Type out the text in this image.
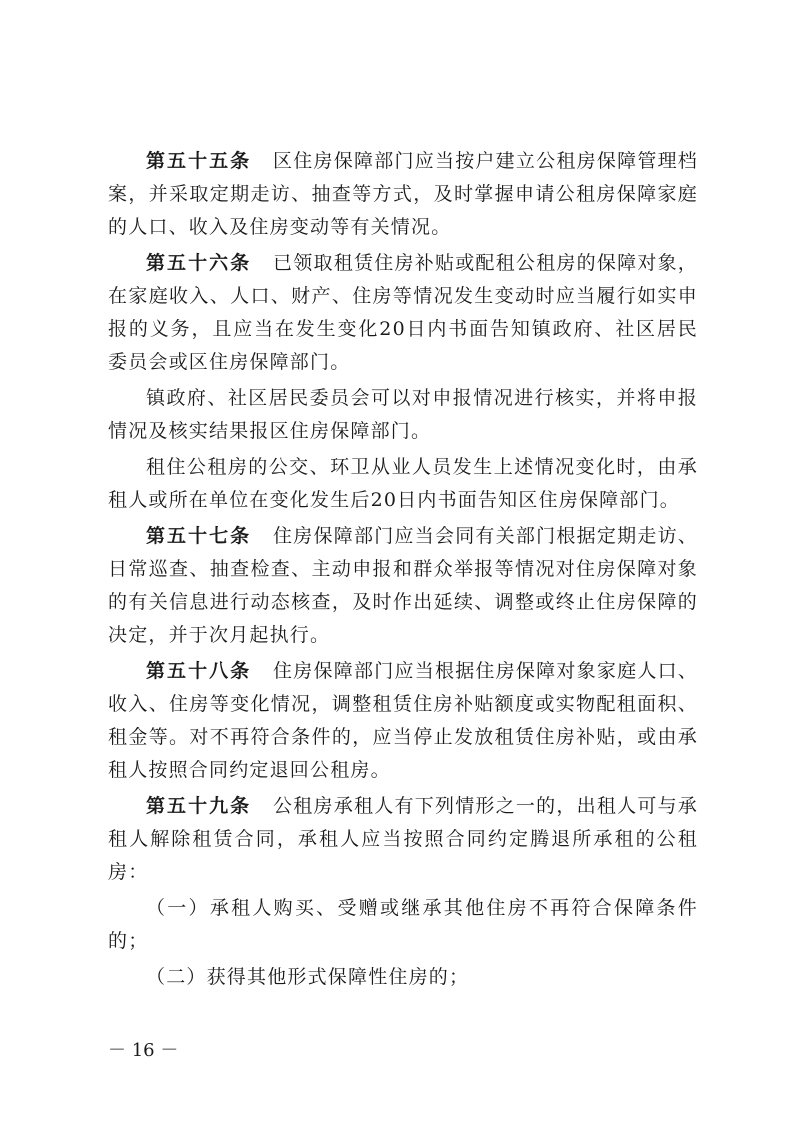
第五十五条 区住房保障部门应当按户建立公租房保障管理档案，并采取定期走访、抽查等方式，及时掌握申请公租房保障家庭的人口、收入及住房变动等有关情况。

第五十六条 已领取租赁住房补贴或配租公租房的保障对象，在家庭收入、人口、财产、住房等情况发生变动时应当履行如实申报的义务，且应当在发生变化20日内书面告知镇政府、社区居民委员会或区住房保障部门。

镇政府、社区居民委员会可以对申报情况进行核实，并将申报情况及核实结果报区住房保障部门。

租住公租房的公交、环卫从业人员发生上述情况变化时，由承租人或所在单位在变化发生后20日内书面告知区住房保障部门。

第五十七条 住房保障部门应当会同有关部门根据定期走访、日常巡查、抽查检查、主动申报和群众举报等情况对住房保障对象的有关信息进行动态核查，及时作出延续、调整或终止住房保障的决定，并于次月起执行。

第五十八条 住房保障部门应当根据住房保障对象家庭人口、收入、住房等变化情况，调整租赁住房补贴额度或实物配租面积、租金等。对不再符合条件的，应当停止发放租赁住房补贴，或由承租人按照合同约定退回公租房。

第五十九条 公租房承租人有下列情形之一的，出租人可与承租人解除租赁合同，承租人应当按照合同约定腾退所承租的公租房：

（一）承租人购买、受赠或继承其他住房不再符合保障条件的；

（二）获得其他形式保障性住房的；

－ 16 －
